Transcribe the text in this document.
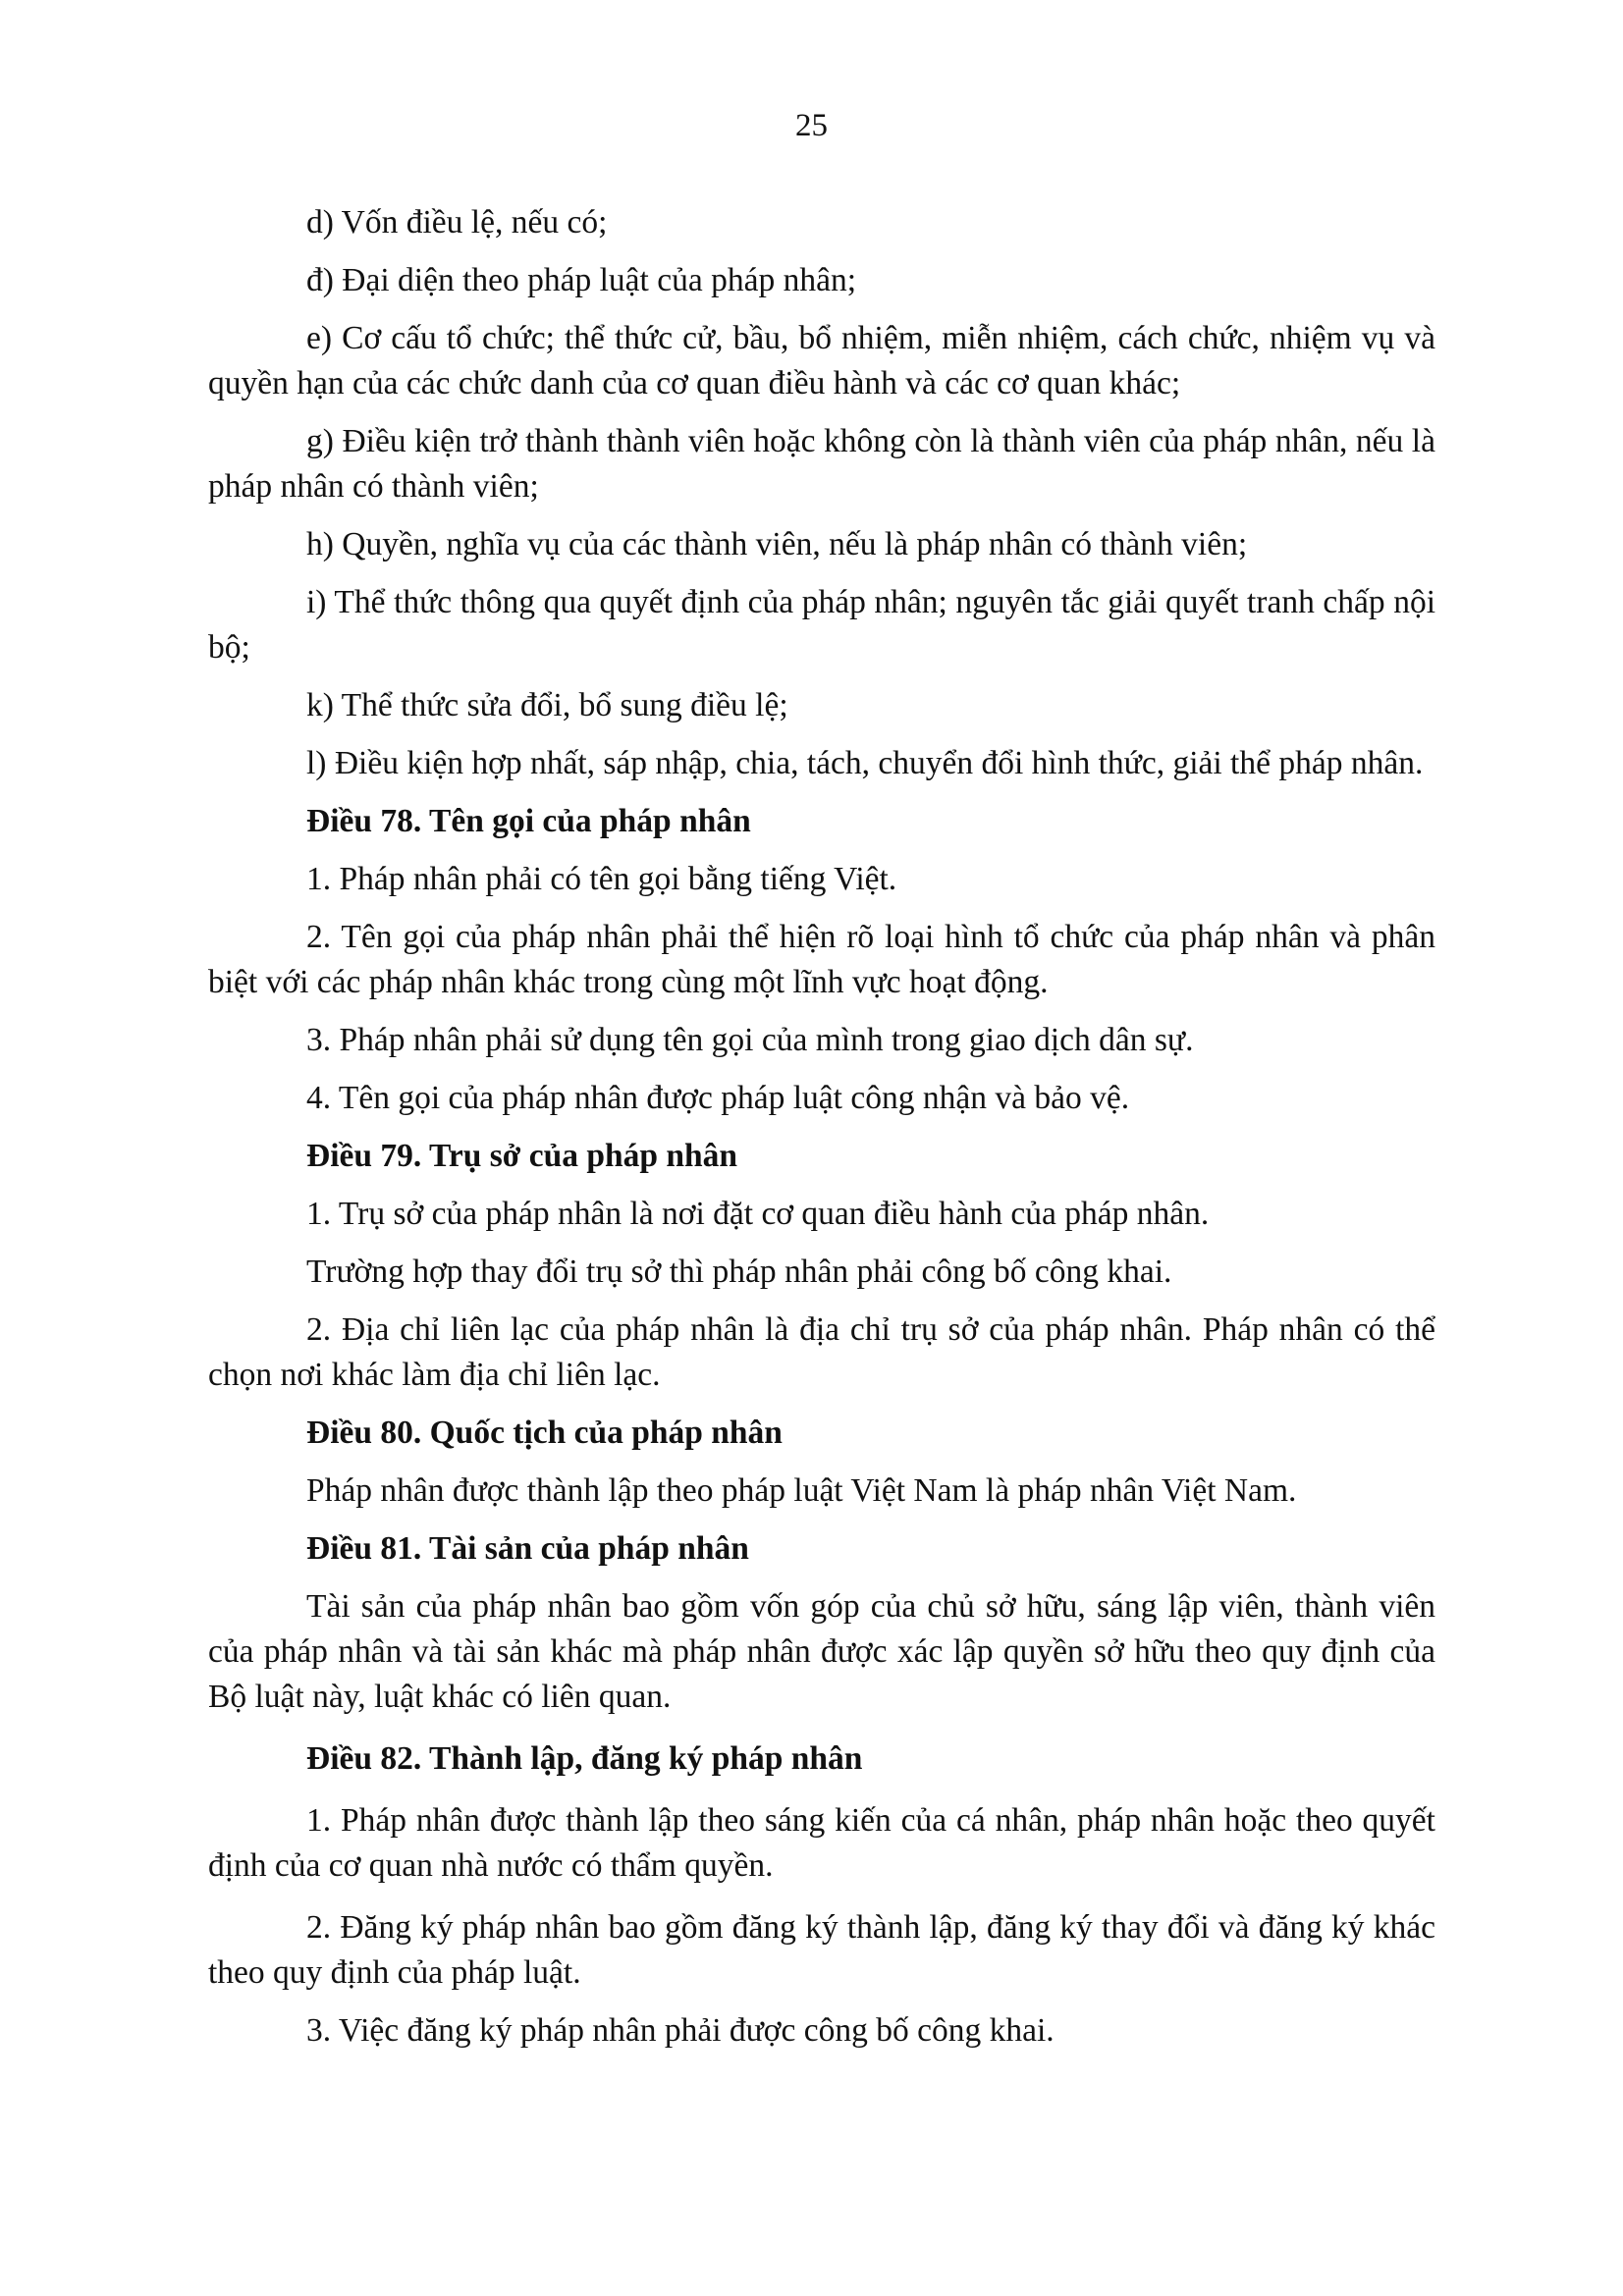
25
d) Vốn điều lệ, nếu có;
đ) Đại diện theo pháp luật của pháp nhân;
e) Cơ cấu tổ chức; thể thức cử, bầu, bổ nhiệm, miễn nhiệm, cách chức, nhiệm vụ và quyền hạn của các chức danh của cơ quan điều hành và các cơ quan khác;
g) Điều kiện trở thành thành viên hoặc không còn là thành viên của pháp nhân, nếu là pháp nhân có thành viên;
h) Quyền, nghĩa vụ của các thành viên, nếu là pháp nhân có thành viên;
i) Thể thức thông qua quyết định của pháp nhân; nguyên tắc giải quyết tranh chấp nội bộ;
k) Thể thức sửa đổi, bổ sung điều lệ;
l) Điều kiện hợp nhất, sáp nhập, chia, tách, chuyển đổi hình thức, giải thể pháp nhân.
Điều 78. Tên gọi của pháp nhân
1. Pháp nhân phải có tên gọi bằng tiếng Việt.
2. Tên gọi của pháp nhân phải thể hiện rõ loại hình tổ chức của pháp nhân và phân biệt với các pháp nhân khác trong cùng một lĩnh vực hoạt động.
3. Pháp nhân phải sử dụng tên gọi của mình trong giao dịch dân sự.
4. Tên gọi của pháp nhân được pháp luật công nhận và bảo vệ.
Điều 79. Trụ sở của pháp nhân
1. Trụ sở của pháp nhân là nơi đặt cơ quan điều hành của pháp nhân.
Trường hợp thay đổi trụ sở thì pháp nhân phải công bố công khai.
2. Địa chỉ liên lạc của pháp nhân là địa chỉ trụ sở của pháp nhân. Pháp nhân có thể chọn nơi khác làm địa chỉ liên lạc.
Điều 80. Quốc tịch của pháp nhân
Pháp nhân được thành lập theo pháp luật Việt Nam là pháp nhân Việt Nam.
Điều 81. Tài sản của pháp nhân
Tài sản của pháp nhân bao gồm vốn góp của chủ sở hữu, sáng lập viên, thành viên của pháp nhân và tài sản khác mà pháp nhân được xác lập quyền sở hữu theo quy định của Bộ luật này, luật khác có liên quan.
Điều 82. Thành lập, đăng ký pháp nhân
1. Pháp nhân được thành lập theo sáng kiến của cá nhân, pháp nhân hoặc theo quyết định của cơ quan nhà nước có thẩm quyền.
2. Đăng ký pháp nhân bao gồm đăng ký thành lập, đăng ký thay đổi và đăng ký khác theo quy định của pháp luật.
3. Việc đăng ký pháp nhân phải được công bố công khai.
